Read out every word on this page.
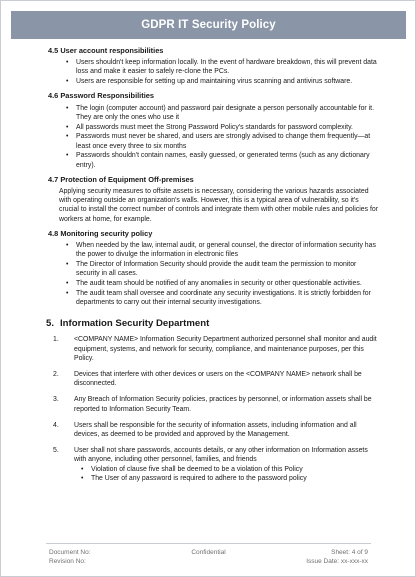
GDPR IT Security Policy
4.5 User account responsibilities
• Users shouldn't keep information locally. In the event of hardware breakdown, this will prevent data loss and make it easier to safely re-clone the PCs.
• Users are responsible for setting up and maintaining virus scanning and antivirus software.
4.6 Password Responsibilities
• The login (computer account) and password pair designate a person personally accountable for it. They are only the ones who use it
• All passwords must meet the Strong Password Policy's standards for password complexity.
• Passwords must never be shared, and users are strongly advised to change them frequently—at least once every three to six months
• Passwords shouldn't contain names, easily guessed, or generated terms (such as any dictionary entry).
4.7 Protection of Equipment Off-premises

Applying security measures to offsite assets is necessary, considering the various hazards associated with operating outside an organization's walls. However, this is a typical area of vulnerability, so it's crucial to install the correct number of controls and integrate them with other mobile rules and policies for workers at home, for example.

4.8 Monitoring security policy
• When needed by the law, internal audit, or general counsel, the director of information security has the power to divulge the information in electronic files
• The Director of Information Security should provide the audit team the permission to monitor security in all cases.
• The audit team should be notified of any anomalies in security or other questionable activities.
• The audit team shall oversee and coordinate any security investigations. It is strictly forbidden for departments to carry out their internal security investigations.
5. Information Security Department
1. <COMPANY NAME> Information Security Department authorized personnel shall monitor and audit equipment, systems, and network for security, compliance, and maintenance purposes, per this Policy.
2. Devices that interfere with other devices or users on the <COMPANY NAME> network shall be disconnected.
3. Any Breach of Information Security policies, practices by personnel, or information assets shall be reported to Information Security Team.
4. Users shall be responsible for the security of information assets, including information and all devices, as deemed to be provided and approved by the Management.
5. User shall not share passwords, accounts details, or any other information on Information assets with anyone, including other personnel, families, and friends
• Violation of clause five shall be deemed to be a violation of this Policy
• The User of any password is required to adhere to the password policy
Document No:	Confidential	Sheet: 4 of 9
Revision No:	Issue Date: xx-xxx-xx
